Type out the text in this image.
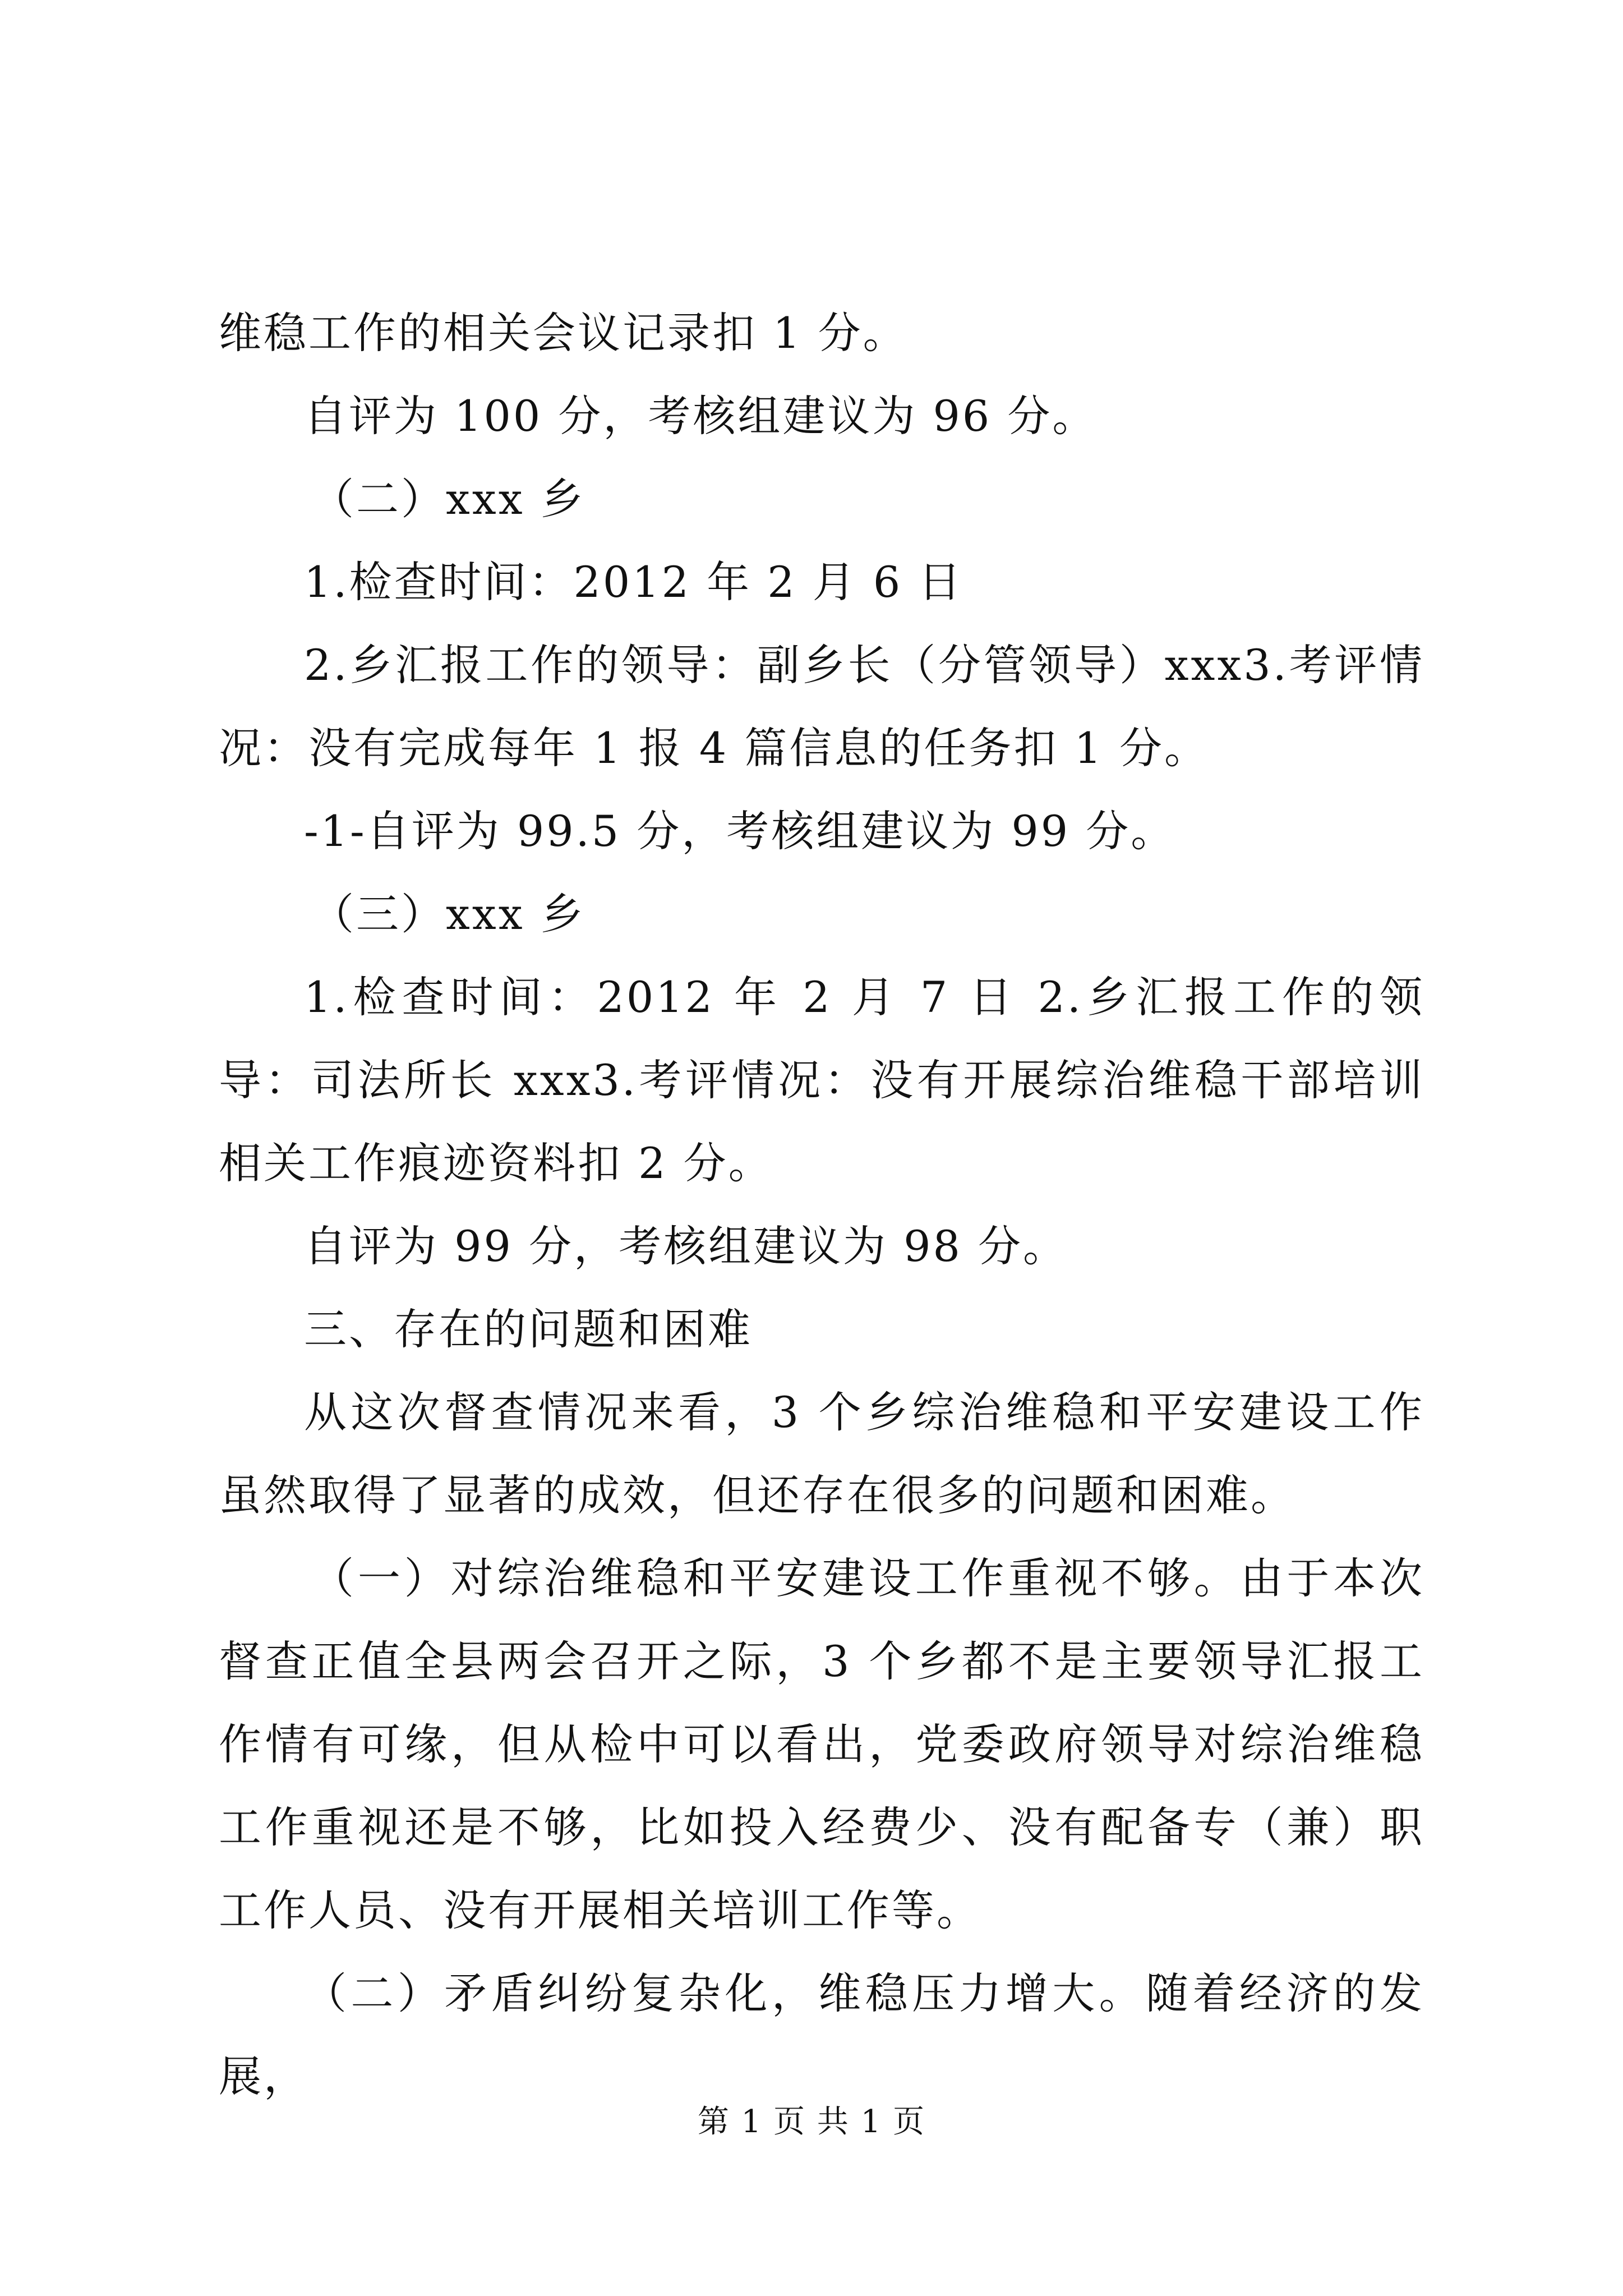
维稳工作的相关会议记录扣 1 分。

自评为 100 分，考核组建议为 96 分。

（二）xxx 乡

1.检查时间：2012 年 2 月 6 日

2.乡汇报工作的领导：副乡长（分管领导）xxx3.考评情况：没有完成每年 1 报 4 篇信息的任务扣 1 分。

-1-自评为 99.5 分，考核组建议为 99 分。

（三）xxx 乡

1.检查时间：2012 年 2 月 7 日 2.乡汇报工作的领导：司法所长 xxx3.考评情况：没有开展综治维稳干部培训相关工作痕迹资料扣 2 分。

自评为 99 分，考核组建议为 98 分。

三、存在的问题和困难

从这次督查情况来看，3 个乡综治维稳和平安建设工作虽然取得了显著的成效，但还存在很多的问题和困难。

（一）对综治维稳和平安建设工作重视不够。由于本次督查正值全县两会召开之际，3 个乡都不是主要领导汇报工作情有可缘，但从检中可以看出，党委政府领导对综治维稳工作重视还是不够，比如投入经费少、没有配备专（兼）职工作人员、没有开展相关培训工作等。

（二）矛盾纠纷复杂化，维稳压力增大。随着经济的发展，

第 1 页 共 1 页
